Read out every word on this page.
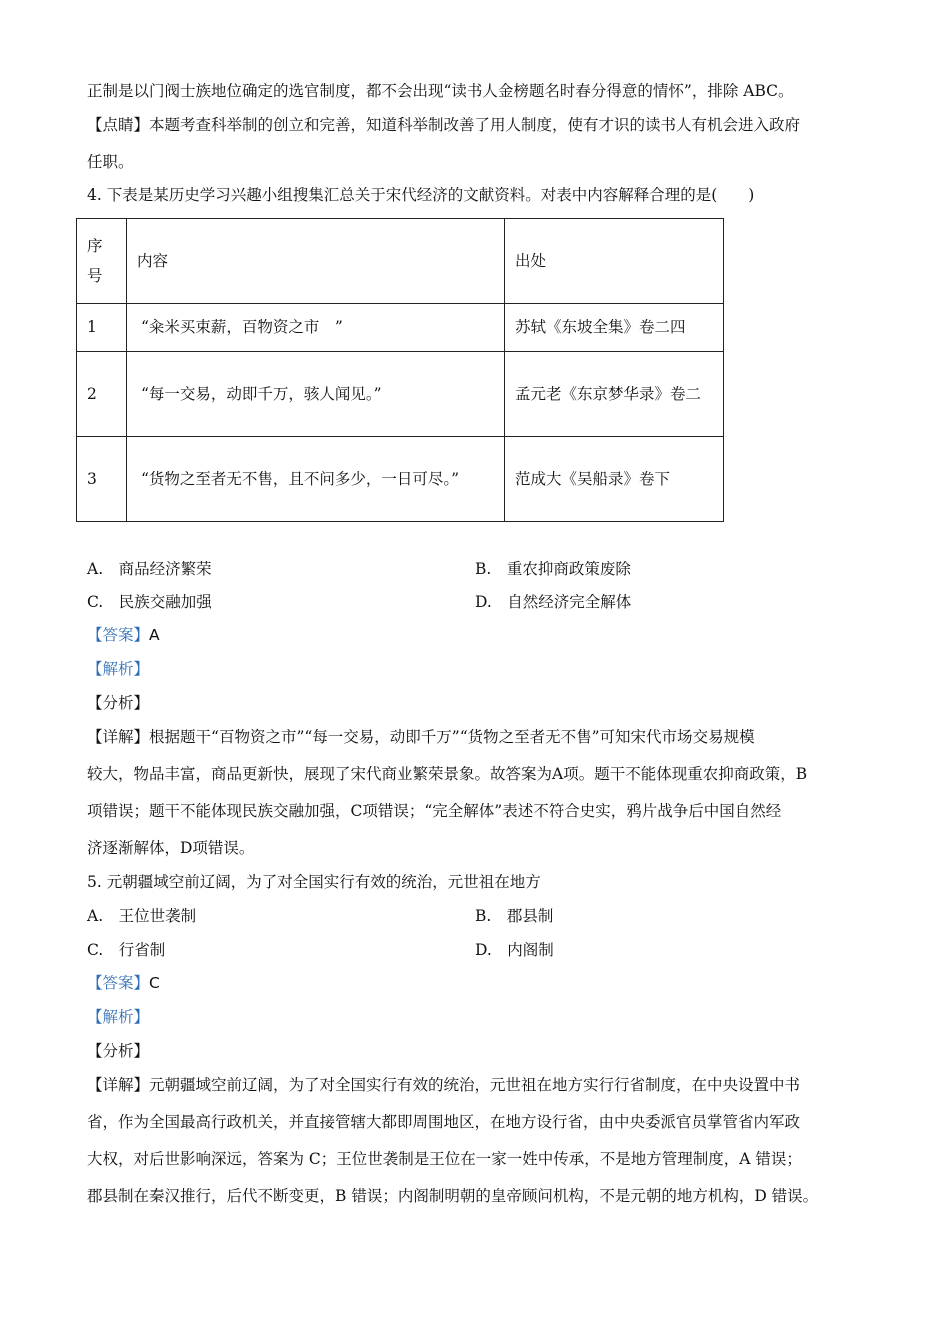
正制是以门阀士族地位确定的选官制度，都不会出现“读书人金榜题名时春分得意的情怀”，排除 ABC。
【点睛】本题考查科举制的创立和完善，知道科举制改善了用人制度，使有才识的读书人有机会进入政府
任职。
4. 下表是某历史学习兴趣小组搜集汇总关于宋代经济的文献资料。对表中内容解释合理的是(　　)
序号	内容	出处
1	“籴米买束薪，百物资之市　”	苏轼《东坡全集》卷二四
2	“每一交易，动即千万，骇人闻见。”	孟元老《东京梦华录》卷二
3	“货物之至者无不售，且不问多少，一日可尽。”	范成大《吴船录》卷下
A.　商品经济繁荣	B.　重农抑商政策废除
C.　民族交融加强	D.　自然经济完全解体
【答案】A
【解析】
【分析】
【详解】根据题干“百物资之市”“每一交易，动即千万”“货物之至者无不售”可知宋代市场交易规模
较大，物品丰富，商品更新快，展现了宋代商业繁荣景象。故答案为A项。题干不能体现重农抑商政策，B
项错误；题干不能体现民族交融加强，C项错误；“完全解体”表述不符合史实，鸦片战争后中国自然经
济逐渐解体，D项错误。
5. 元朝疆域空前辽阔，为了对全国实行有效的统治，元世祖在地方
A.　王位世袭制	B.　郡县制
C.　行省制	D.　内阁制
【答案】C
【解析】
【分析】
【详解】元朝疆域空前辽阔，为了对全国实行有效的统治，元世祖在地方实行行省制度，在中央设置中书
省，作为全国最高行政机关，并直接管辖大都即周围地区，在地方设行省，由中央委派官员掌管省内军政
大权，对后世影响深远，答案为 C；王位世袭制是王位在一家一姓中传承，不是地方管理制度，A 错误；
郡县制在秦汉推行，后代不断变更，B 错误；内阁制明朝的皇帝顾问机构，不是元朝的地方机构，D 错误。
